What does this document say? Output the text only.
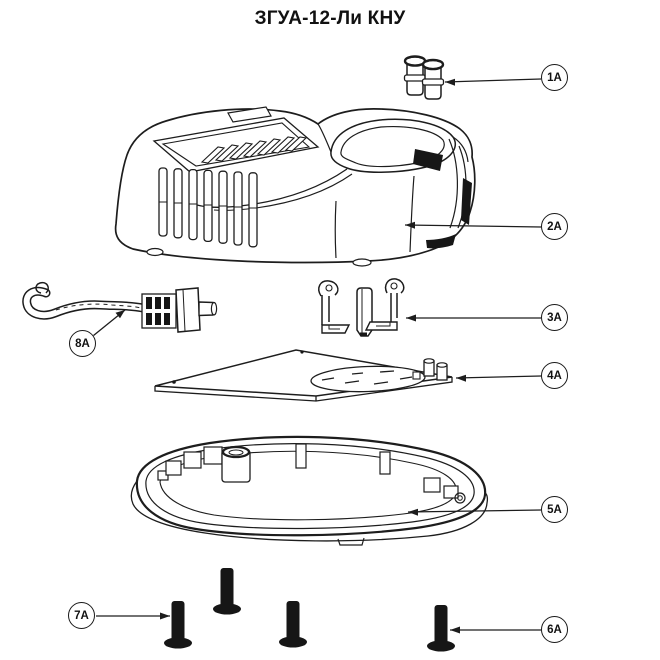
ЗГУА-12-Ли КНУ
1A
2A
3A
4A
5A
6A
7A
8A
